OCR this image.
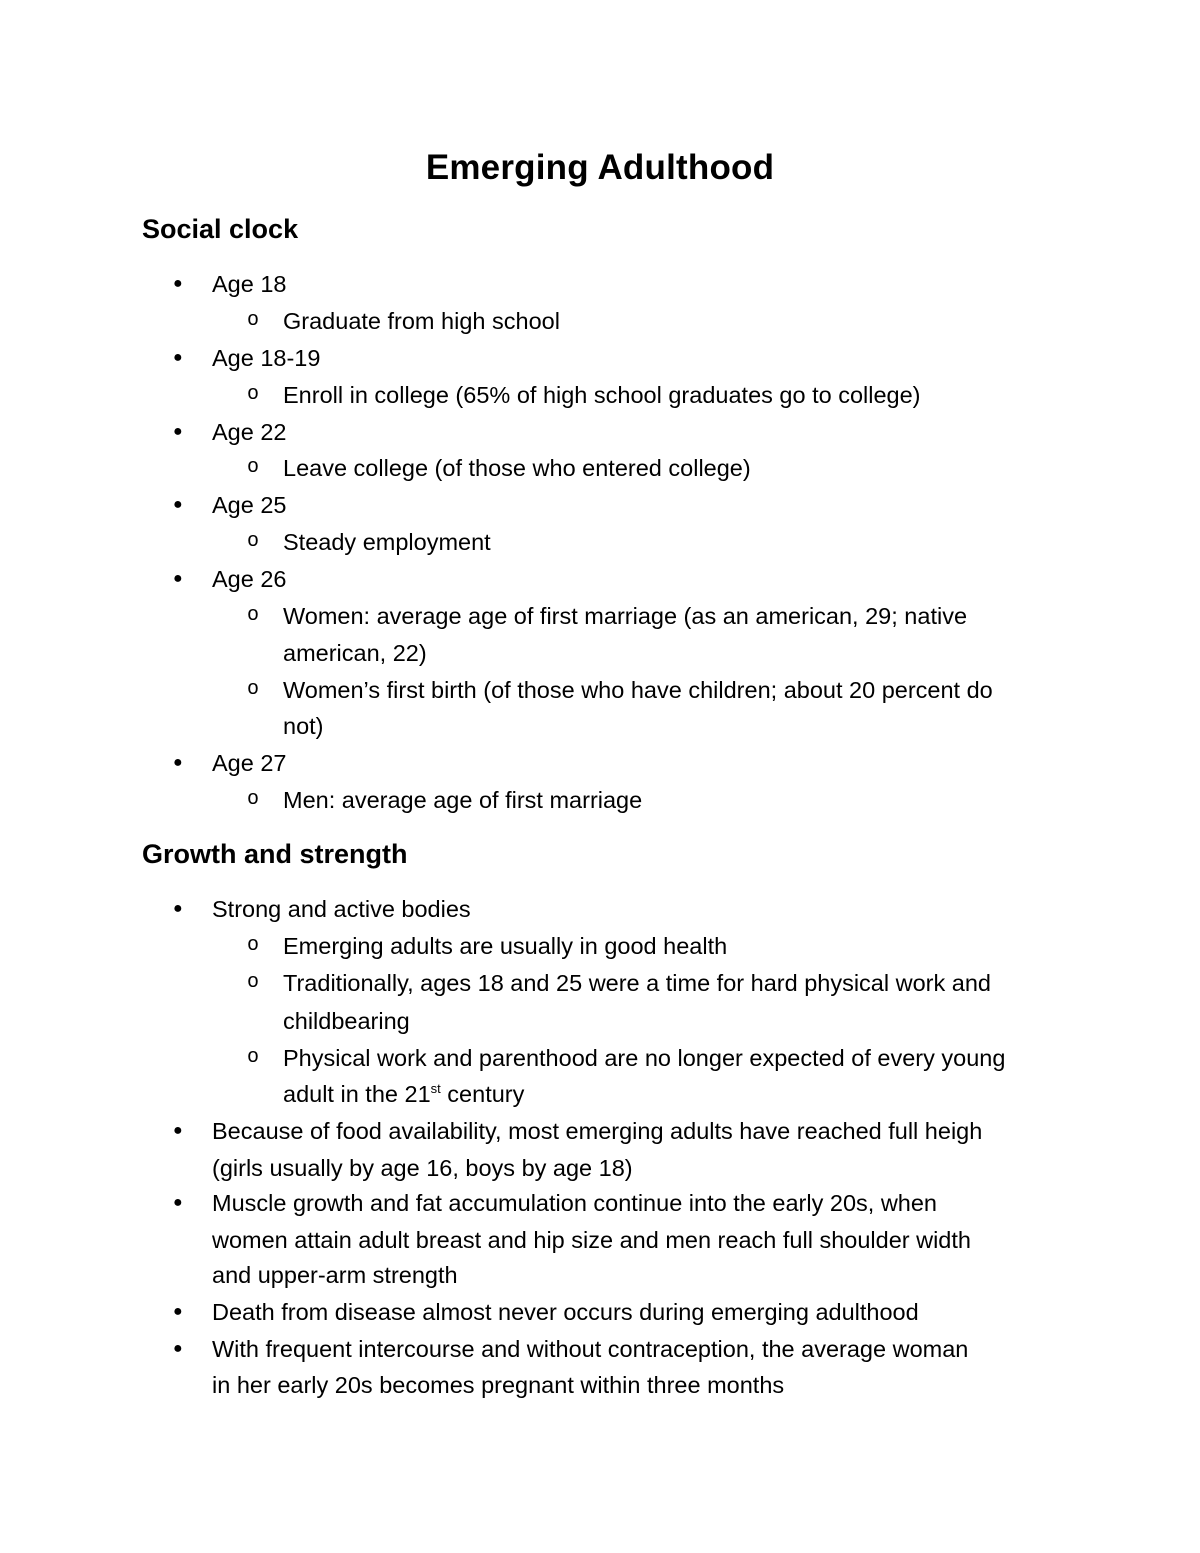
Emerging Adulthood
Social clock
● Age 18
o Graduate from high school
● Age 18-19
o Enroll in college (65% of high school graduates go to college)
● Age 22
o Leave college (of those who entered college)
● Age 25
o Steady employment
● Age 26
o Women: average age of first marriage (as an american, 29; native
american, 22)
o Women’s first birth (of those who have children; about 20 percent do
not)
● Age 27
o Men: average age of first marriage
Growth and strength
● Strong and active bodies
o Emerging adults are usually in good health
o Traditionally, ages 18 and 25 were a time for hard physical work and
childbearing
o Physical work and parenthood are no longer expected of every young
adult in the 21st century
● Because of food availability, most emerging adults have reached full heigh
(girls usually by age 16, boys by age 18)
● Muscle growth and fat accumulation continue into the early 20s, when
women attain adult breast and hip size and men reach full shoulder width
and upper-arm strength
● Death from disease almost never occurs during emerging adulthood
● With frequent intercourse and without contraception, the average woman
in her early 20s becomes pregnant within three months
